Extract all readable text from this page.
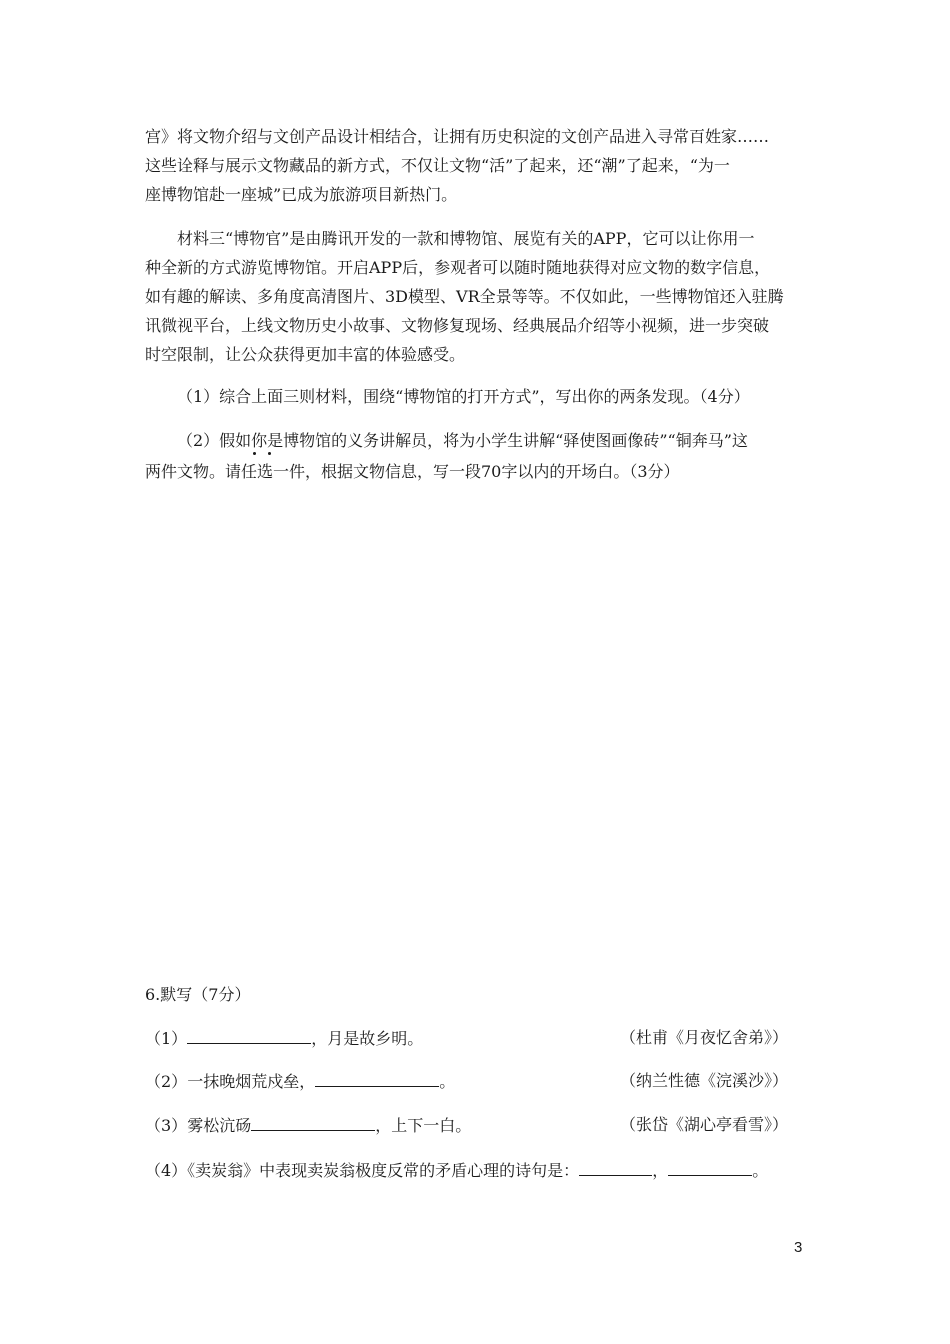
宫》将文物介绍与文创产品设计相结合，让拥有历史积淀的文创产品进入寻常百姓家……
这些诠释与展示文物藏品的新方式，不仅让文物“活”了起来，还“潮”了起来，“为一
座博物馆赴一座城”已成为旅游项目新热门。
材料三“博物官”是由腾讯开发的一款和博物馆、展览有关的APP，它可以让你用一
种全新的方式游览博物馆。开启APP后，参观者可以随时随地获得对应文物的数字信息，
如有趣的解读、多角度高清图片、3D模型、VR全景等等。不仅如此，一些博物馆还入驻腾
讯微视平台，上线文物历史小故事、文物修复现场、经典展品介绍等小视频，进一步突破
时空限制，让公众获得更加丰富的体验感受。
（1）综合上面三则材料，围绕“博物馆的打开方式”，写出你的两条发现。（4分）
（2）假如你是博物馆的义务讲解员，将为小学生讲解“驿使图画像砖”“铜奔马”这
两件文物。请任选一件，根据文物信息，写一段70字以内的开场白。（3分）
6.默写（7分）
（1）	，月是故乡明。	（杜甫《月夜忆舍弟》）
（2）一抹晚烟荒戍垒，	。	（纳兰性德《浣溪沙》）
（3）雾松沆砀	，上下一白。	（张岱《湖心亭看雪》）
（4）《卖炭翁》中表现卖炭翁极度反常的矛盾心理的诗句是：	，	。
3
